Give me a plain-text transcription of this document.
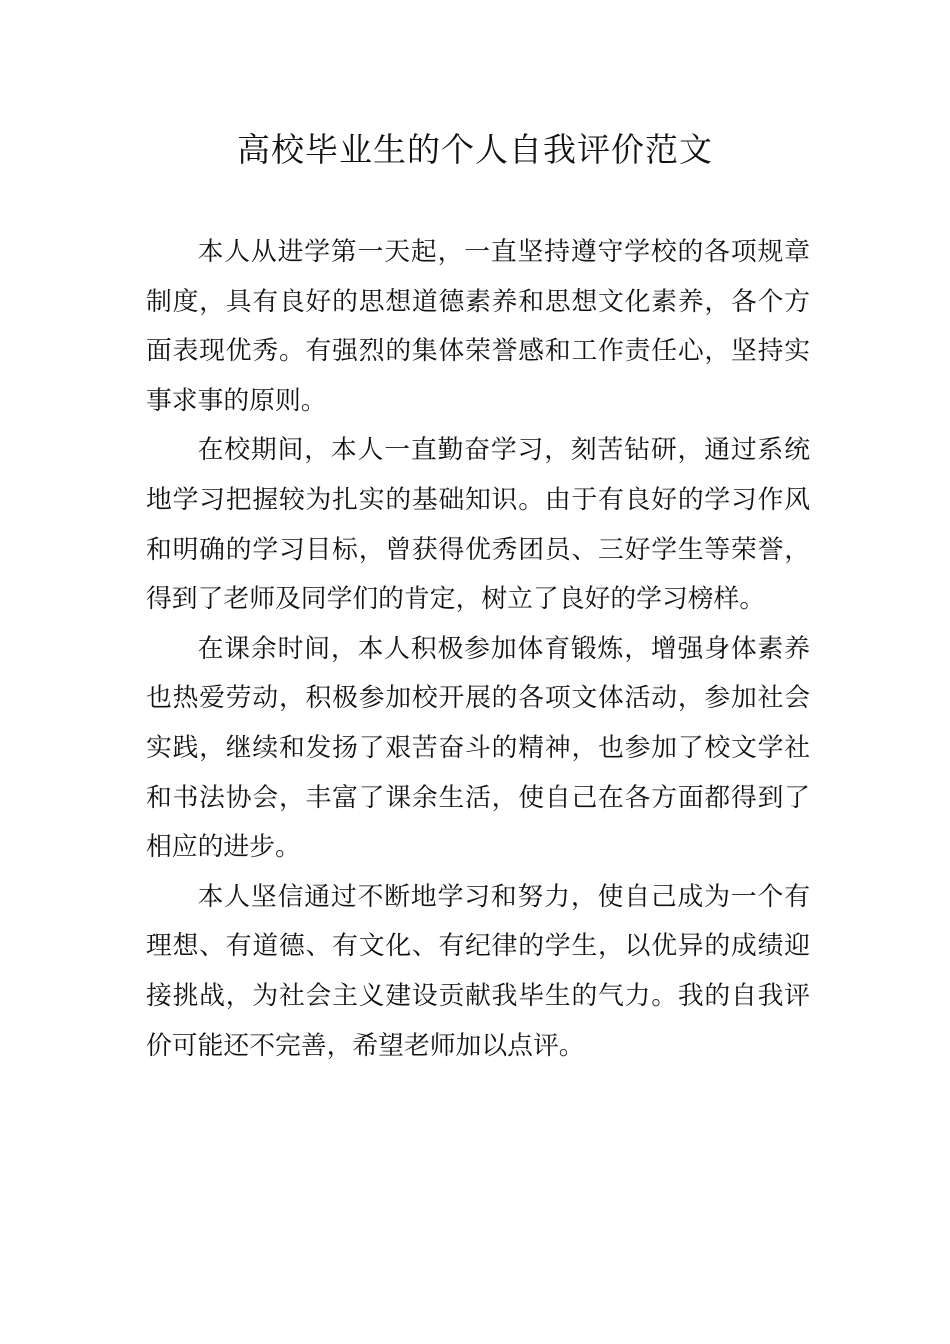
高校毕业生的个人自我评价范文

本人从进学第一天起，一直坚持遵守学校的各项规章制度，具有良好的思想道德素养和思想文化素养，各个方面表现优秀。有强烈的集体荣誉感和工作责任心，坚持实事求事的原则。

在校期间，本人一直勤奋学习，刻苦钻研，通过系统地学习把握较为扎实的基础知识。由于有良好的学习作风和明确的学习目标，曾获得优秀团员、三好学生等荣誉，得到了老师及同学们的肯定，树立了良好的学习榜样。

在课余时间，本人积极参加体育锻炼，增强身体素养也热爱劳动，积极参加校开展的各项文体活动，参加社会实践，继续和发扬了艰苦奋斗的精神，也参加了校文学社和书法协会，丰富了课余生活，使自己在各方面都得到了相应的进步。

本人坚信通过不断地学习和努力，使自己成为一个有理想、有道德、有文化、有纪律的学生，以优异的成绩迎接挑战，为社会主义建设贡献我毕生的气力。我的自我评价可能还不完善，希望老师加以点评。
